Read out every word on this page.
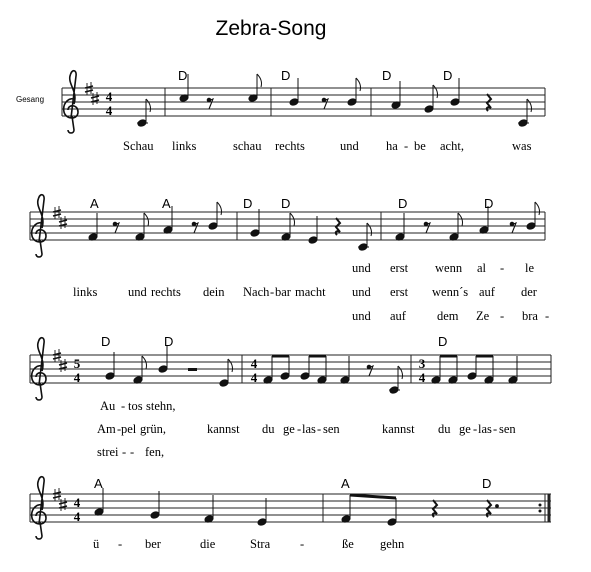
Zebra-Song
Gesang	4
4
D	D	D	D
Schau links	schau rechts	und ha - be acht,	was
A	A	D D	D	D
und erst wenn al - le
links und rechts dein Nach - bar macht und erst wenn´s auf der
und auf dem Ze - bra -
5
4
4
4
3
4
D	D	D
Au - tos stehn,
Am - pel grün,	kannst du ge - las - sen	kannst du ge - las - sen
strei - - fen,
4
4
A	A	D
ü - ber	die	Stra -	ße gehn
